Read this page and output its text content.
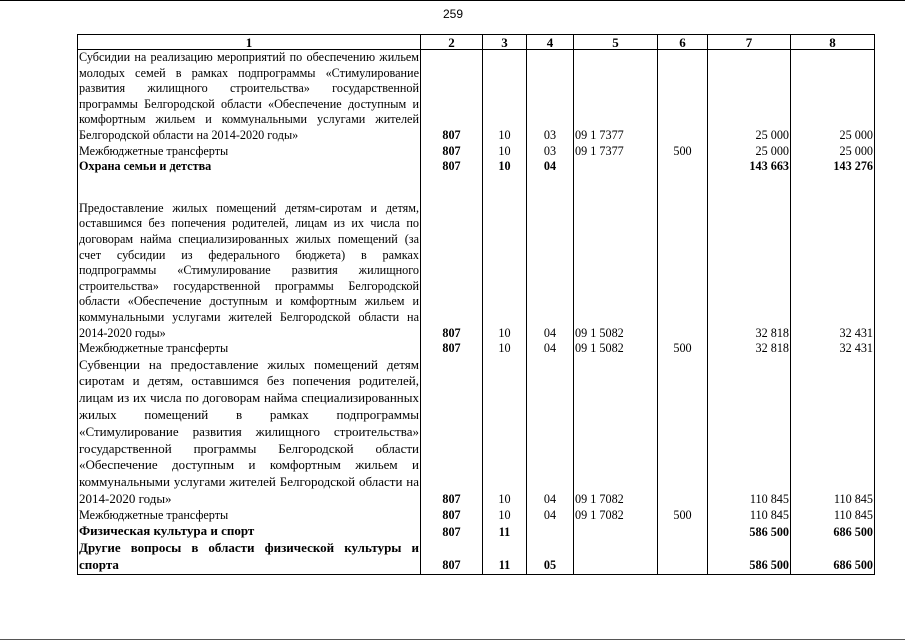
259
1	2	3	4	5	6	7	8
Субсидии на реализацию мероприятий по обеспечению жильем молодых семей в рамках подпрограммы «Стимулирование развития жилищного строительства» государственной программы Белгородской области «Обеспечение доступным и комфортным жильем и коммунальными услугами жителей Белгородской области на 2014-2020 годы»	807	10	03	09 1 7377		25 000	25 000
Межбюджетные трансферты	807	10	03	09 1 7377	500	25 000	25 000
Охрана семьи и детства	807	10	04			143 663	143 276

Предоставление жилых помещений детям-сиротам и детям, оставшимся без попечения родителей, лицам из их числа по договорам найма специализированных жилых помещений (за счет субсидии из федерального бюджета) в рамках подпрограммы «Стимулирование развития жилищного строительства» государственной программы Белгородской области «Обеспечение доступным и комфортным жильем и коммунальными услугами жителей Белгородской области на 2014-2020 годы»	807	10	04	09 1 5082		32 818	32 431
Межбюджетные трансферты	807	10	04	09 1 5082	500	32 818	32 431
Субвенции на предоставление жилых помещений детям сиротам и детям, оставшимся без попечения родителей, лицам из их числа по договорам найма специализированных жилых помещений в рамках подпрограммы «Стимулирование развития жилищного строительства» государственной программы Белгородской области «Обеспечение доступным и комфортным жильем и коммунальными услугами жителей Белгородской области на 2014-2020 годы»	807	10	04	09 1 7082		110 845	110 845
Межбюджетные трансферты	807	10	04	09 1 7082	500	110 845	110 845
Физическая культура и спорт	807	11				586 500	686 500
Другие вопросы в области физической культуры и спорта	807	11	05			586 500	686 500
